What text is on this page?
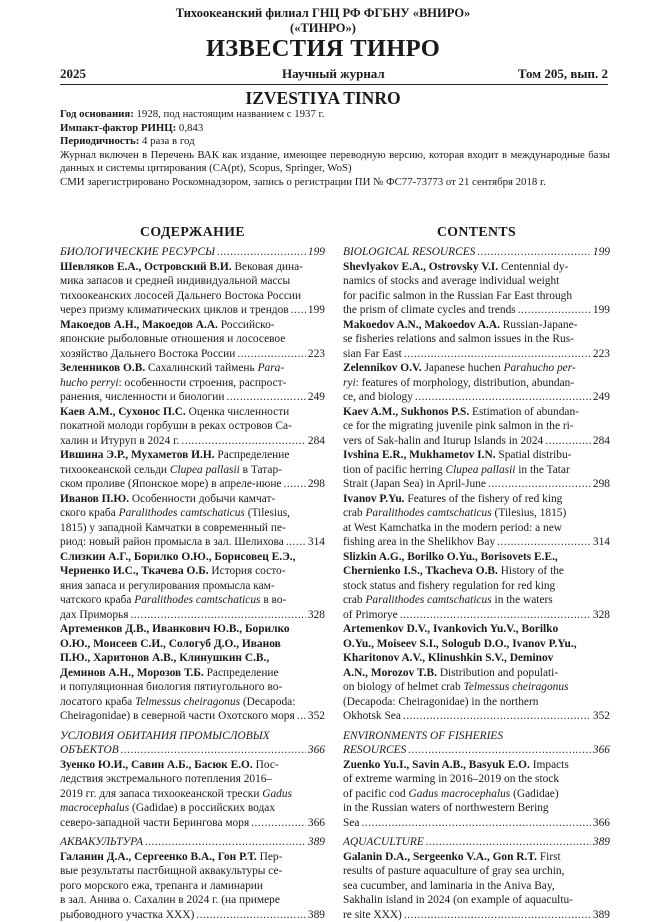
Тихоокеанский филиал ГНЦ РФ ФГБНУ «ВНИРО»
(«ТИНРО»)
ИЗВЕСТИЯ ТИНРО
2025	Научный журнал	Том 205, вып. 2
IZVESTIYA TINRO

Год основания: 1928, под настоящим названием с 1937 г.

Импакт-фактор РИНЦ: 0,843

Периодичность: 4 раза в год

Журнал включен в Перечень ВАК как издание, имеющее переводную версию, которая входит в международные базы данных и системы цитирования (CA(pt), Scopus, Springer, WoS)

СМИ зарегистрировано Роскомнадзором, запись о регистрации ПИ № ФС77-73773 от 21 сентября 2018 г.

СОДЕРЖАНИЕ	CONTENTS
БИОЛОГИЧЕСКИЕ РЕСУРСЫ .....	199
Шевляков Е.А., Островский В.И. Вековая дина-
мика запасов и средней индивидуальной массы
тихоокеанских лососей Дальнего Востока России
через призму климатических циклов и трендов ..... 199
Макоедов А.Н., Макоедов А.А. Российско-
японские рыболовные отношения и лососевое
хозяйство Дальнего Востока России .....	223
Зеленников О.В. Сахалинский таймень Para-
hucho perryi: особенности строения, распрост-
ранения, численности и биологии .....	249
Каев А.М., Сухонос П.С. Оценка численности
покатной молоди горбуши в реках островов Са-
халин и Итуруп в 2024 г. .....	284
Ившина Э.Р., Мухаметов И.Н. Распределение
тихоокеанской сельди Clupea pallasii в Татар-
ском проливе (Японское море) в апреле-июне ..... 298
Иванов П.Ю. Особенности добычи камчат-
ского краба Paralithodes camtschaticus (Tilesius,
1815) у западной Камчатки в современный пе-
риод: новый район промысла в зал. Шелихова ..... 314
Слизкин А.Г., Борилко О.Ю., Борисовец Е.Э.,
Черненко И.С., Ткачева О.Б. История состо-
яния запаса и регулирования промысла кам-
чатского краба Paralithodes camtschaticus в во-
дах Приморья .....	328
Артеменков Д.В., Иванкович Ю.В., Борилко
О.Ю., Моисеев С.И., Сологуб Д.О., Иванов
П.Ю., Харитонов А.В., Клинушкин С.В.,
Деминов А.Н., Морозов Т.Б. Распределение
и популяционная биология пятиугольного во-
лосатого краба Telmessus cheiragonus (Decapoda:
Cheiragonidae) в северной части Охотского моря ..... 352
УСЛОВИЯ ОБИТАНИЯ ПРОМЫСЛОВЫХ
ОБЪЕКТОВ .....	366
Зуенко Ю.И., Савин А.Б., Басюк Е.О. Пос-
ледствия экстремального потепления 2016–
2019 гг. для запаса тихоокеанской трески Gadus
macrocephalus (Gadidae) в российских водах
северо-западной части Берингова моря .....	366
АКВАКУЛЬТУРА .....	389
Галанин Д.А., Сергеенко В.А., Гон Р.Т. Пер-
вые результаты пастбищной аквакультуры се-
рого морского ежа, трепанга и ламинарии
в зал. Анива о. Сахалин в 2024 г. (на примере
рыбоводного участка ХХХ) .....	389
BIOLOGICAL RESOURCES .....	199
Shevlyakov E.A., Ostrovsky V.I. Centennial dy-
namics of stocks and average individual weight
for pacific salmon in the Russian Far East through
the prism of climate cycles and trends .....	199
Makoedov A.N., Makoedov A.A. Russian-Japane-
se fisheries relations and salmon issues in the Rus-
sian Far East .....	223
Zelennikov O.V. Japanese huchen Parahucho per-
ryi: features of morphology, distribution, abundan-
ce, and biology .....	249
Kaev A.M., Sukhonos P.S. Estimation of abundan-
ce for the migrating juvenile pink salmon in the ri-
vers of Sak-halin and Iturup Islands in 2024 .....	284
Ivshina E.R., Mukhametov I.N. Spatial distribu-
tion of pacific herring Clupea pallasii in the Tatar
Strait (Japan Sea) in April-June .....	298
Ivanov P.Yu. Features of the fishery of red king
crab Paralithodes camtschaticus (Tilesius, 1815)
at West Kamchatka in the modern period: a new
fishing area in the Shelikhov Bay .....	314
Slizkin A.G., Borilko O.Yu., Borisovets E.E.,
Chernienko I.S., Tkacheva O.B. History of the
stock status and fishery regulation for red king
crab Paralithodes camtschaticus in the waters
of Primorye .....	328
Artemenkov D.V., Ivankovich Yu.V., Borilko
O.Yu., Moiseev S.I., Sologub D.O., Ivanov P.Yu.,
Kharitonov A.V., Klinushkin S.V., Deminov
A.N., Morozov T.B. Distribution and populati-
on biology of helmet crab Telmessus cheiragonus
(Decapoda: Cheiragonidae) in the northern
Okhotsk Sea .....	352
ENVIRONMENTS OF FISHERIES
RESOURCES .....	366
Zuenko Yu.I., Savin A.B., Basyuk E.O. Impacts
of extreme warming in 2016–2019 on the stock
of pacific cod Gadus macrocephalus (Gadidae)
in the Russian waters of northwestern Bering
Sea .....	366
AQUACULTURE .....	389
Galanin D.A., Sergeenko V.A., Gon R.T. First
results of pasture aquaculture of gray sea urchin,
sea cucumber, and laminaria in the Aniva Bay,
Sakhalin island in 2024 (on example of aquacultu-
re site XXX) .....	389
